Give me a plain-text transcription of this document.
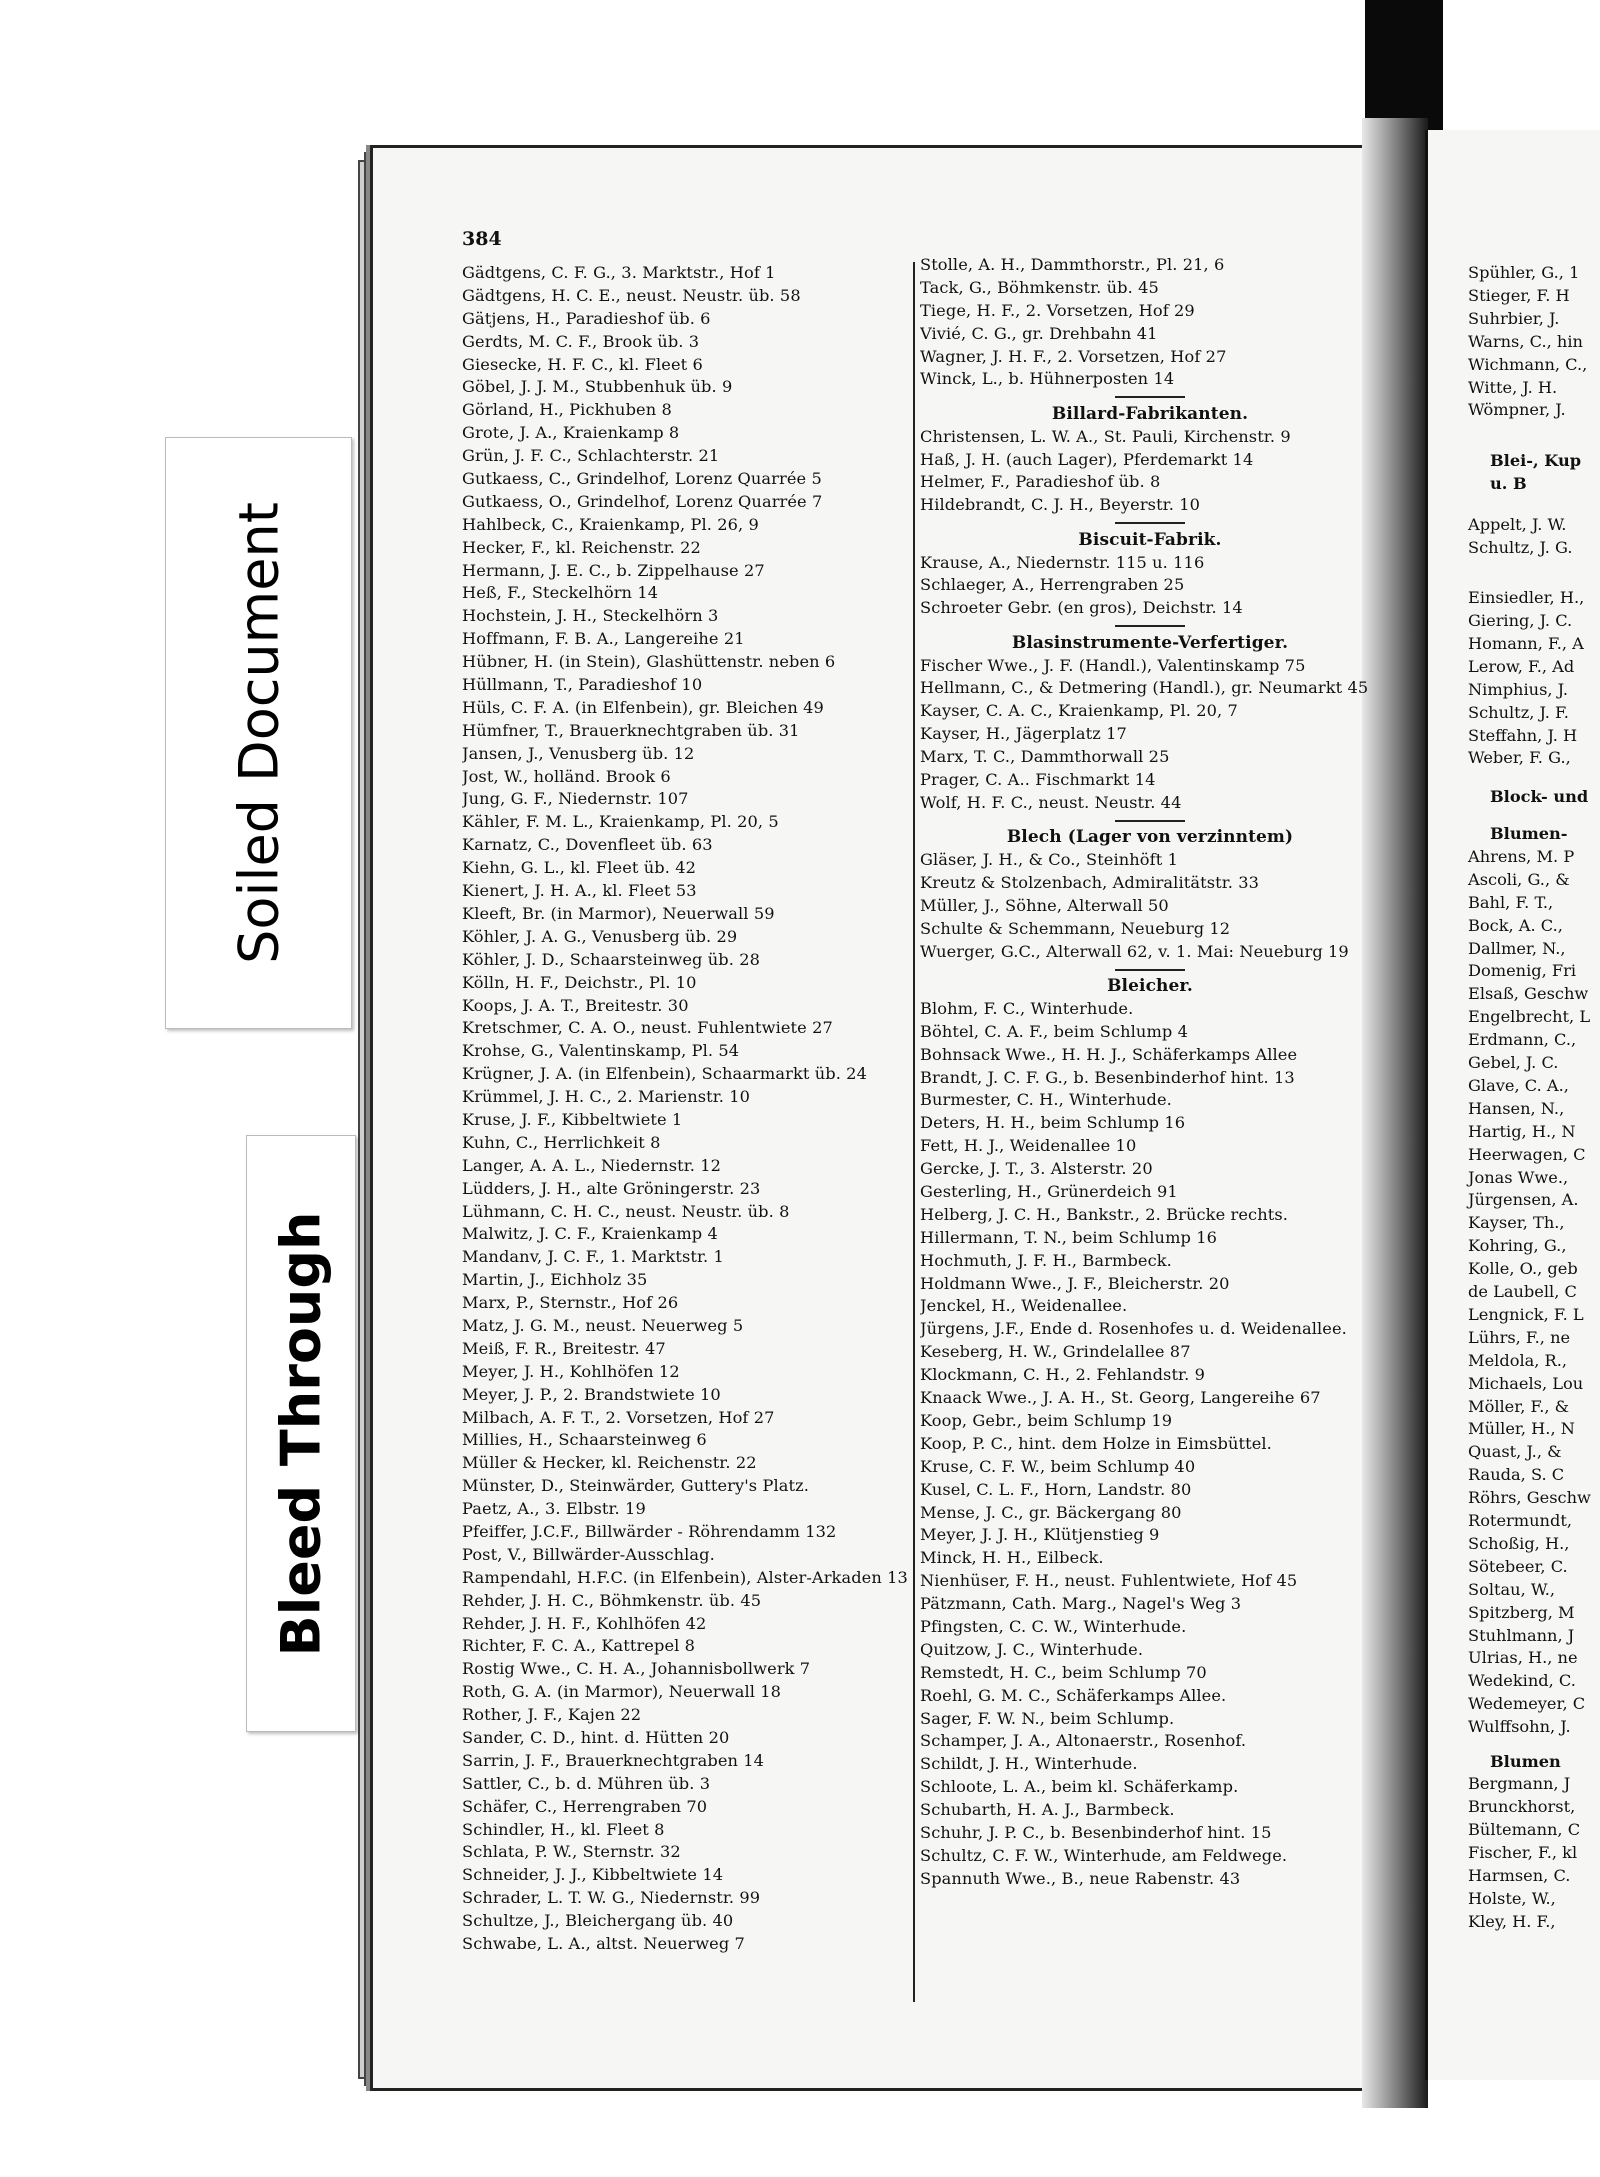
384
Gädtgens, C. F. G., 3. Marktstr., Hof 1
Gädtgens, H. C. E., neust. Neustr. üb. 58
Gätjens, H., Paradieshof üb. 6
Gerdts, M. C. F., Brook üb. 3
Giesecke, H. F. C., kl. Fleet 6
Göbel, J. J. M., Stubbenhuk üb. 9
Görland, H., Pickhuben 8
Grote, J. A., Kraienkamp 8
Grün, J. F. C., Schlachterstr. 21
Gutkaess, C., Grindelhof, Lorenz Quarrée 5
Gutkaess, O., Grindelhof, Lorenz Quarrée 7
Hahlbeck, C., Kraienkamp, Pl. 26, 9
Hecker, F., kl. Reichenstr. 22
Hermann, J. E. C., b. Zippelhause 27
Heß, F., Steckelhörn 14
Hochstein, J. H., Steckelhörn 3
Hoffmann, F. B. A., Langereihe 21
Hübner, H. (in Stein), Glashüttenstr. neben 6
Hüllmann, T., Paradieshof 10
Hüls, C. F. A. (in Elfenbein), gr. Bleichen 49
Hümfner, T., Brauerknechtgraben üb. 31
Jansen, J., Venusberg üb. 12
Jost, W., holländ. Brook 6
Jung, G. F., Niedernstr. 107
Kähler, F. M. L., Kraienkamp, Pl. 20, 5
Karnatz, C., Dovenfleet üb. 63
Kiehn, G. L., kl. Fleet üb. 42
Kienert, J. H. A., kl. Fleet 53
Kleeft, Br. (in Marmor), Neuerwall 59
Köhler, J. A. G., Venusberg üb. 29
Köhler, J. D., Schaarsteinweg üb. 28
Kölln, H. F., Deichstr., Pl. 10
Koops, J. A. T., Breitestr. 30
Kretschmer, C. A. O., neust. Fuhlentwiete 27
Krohse, G., Valentinskamp, Pl. 54
Krügner, J. A. (in Elfenbein), Schaarmarkt üb. 24
Krümmel, J. H. C., 2. Marienstr. 10
Kruse, J. F., Kibbeltwiete 1
Kuhn, C., Herrlichkeit 8
Langer, A. A. L., Niedernstr. 12
Lüdders, J. H., alte Gröningerstr. 23
Lühmann, C. H. C., neust. Neustr. üb. 8
Malwitz, J. C. F., Kraienkamp 4
Mandanv, J. C. F., 1. Marktstr. 1
Martin, J., Eichholz 35
Marx, P., Sternstr., Hof 26
Matz, J. G. M., neust. Neuerweg 5
Meiß, F. R., Breitestr. 47
Meyer, J. H., Kohlhöfen 12
Meyer, J. P., 2. Brandstwiete 10
Milbach, A. F. T., 2. Vorsetzen, Hof 27
Millies, H., Schaarsteinweg 6
Müller & Hecker, kl. Reichenstr. 22
Münster, D., Steinwärder, Guttery's Platz.
Paetz, A., 3. Elbstr. 19
Pfeiffer, J.C.F., Billwärder - Röhrendamm 132
Post, V., Billwärder-Ausschlag.
Rampendahl, H.F.C. (in Elfenbein), Alster-Arkaden 13
Rehder, J. H. C., Böhmkenstr. üb. 45
Rehder, J. H. F., Kohlhöfen 42
Richter, F. C. A., Kattrepel 8
Rostig Wwe., C. H. A., Johannisbollwerk 7
Roth, G. A. (in Marmor), Neuerwall 18
Rother, J. F., Kajen 22
Sander, C. D., hint. d. Hütten 20
Sarrin, J. F., Brauerknechtgraben 14
Sattler, C., b. d. Mühren üb. 3
Schäfer, C., Herrengraben 70
Schindler, H., kl. Fleet 8
Schlata, P. W., Sternstr. 32
Schneider, J. J., Kibbeltwiete 14
Schrader, L. T. W. G., Niedernstr. 99
Schultze, J., Bleichergang üb. 40
Schwabe, L. A., altst. Neuerweg 7
Stolle, A. H., Dammthorstr., Pl. 21, 6
Tack, G., Böhmkenstr. üb. 45
Tiege, H. F., 2. Vorsetzen, Hof 29
Vivié, C. G., gr. Drehbahn 41
Wagner, J. H. F., 2. Vorsetzen, Hof 27
Winck, L., b. Hühnerposten 14
Billard-Fabrikanten.
Christensen, L. W. A., St. Pauli, Kirchenstr. 9
Haß, J. H. (auch Lager), Pferdemarkt 14
Helmer, F., Paradieshof üb. 8
Hildebrandt, C. J. H., Beyerstr. 10
Biscuit-Fabrik.
Krause, A., Niedernstr. 115 u. 116
Schlaeger, A., Herrengraben 25
Schroeter Gebr. (en gros), Deichstr. 14
Blasinstrumente-Verfertiger.
Fischer Wwe., J. F. (Handl.), Valentinskamp 75
Hellmann, C., & Detmering (Handl.), gr. Neumarkt 45
Kayser, C. A. C., Kraienkamp, Pl. 20, 7
Kayser, H., Jägerplatz 17
Marx, T. C., Dammthorwall 25
Prager, C. A.. Fischmarkt 14
Wolf, H. F. C., neust. Neustr. 44
Blech (Lager von verzinntem)
Gläser, J. H., & Co., Steinhöft 1
Kreutz & Stolzenbach, Admiralitätstr. 33
Müller, J., Söhne, Alterwall 50
Schulte & Schemmann, Neueburg 12
Wuerger, G.C., Alterwall 62, v. 1. Mai: Neueburg 19
Bleicher.
Blohm, F. C., Winterhude.
Böhtel, C. A. F., beim Schlump 4
Bohnsack Wwe., H. H. J., Schäferkamps Allee
Brandt, J. C. F. G., b. Besenbinderhof hint. 13
Burmester, C. H., Winterhude.
Deters, H. H., beim Schlump 16
Fett, H. J., Weidenallee 10
Gercke, J. T., 3. Alsterstr. 20
Gesterling, H., Grünerdeich 91
Helberg, J. C. H., Bankstr., 2. Brücke rechts.
Hillermann, T. N., beim Schlump 16
Hochmuth, J. F. H., Barmbeck.
Holdmann Wwe., J. F., Bleicherstr. 20
Jenckel, H., Weidenallee.
Jürgens, J.F., Ende d. Rosenhofes u. d. Weidenallee.
Keseberg, H. W., Grindelallee 87
Klockmann, C. H., 2. Fehlandstr. 9
Knaack Wwe., J. A. H., St. Georg, Langereihe 67
Koop, Gebr., beim Schlump 19
Koop, P. C., hint. dem Holze in Eimsbüttel.
Kruse, C. F. W., beim Schlump 40
Kusel, C. L. F., Horn, Landstr. 80
Mense, J. C., gr. Bäckergang 80
Meyer, J. J. H., Klütjenstieg 9
Minck, H. H., Eilbeck.
Nienhüser, F. H., neust. Fuhlentwiete, Hof 45
Pätzmann, Cath. Marg., Nagel's Weg 3
Pfingsten, C. C. W., Winterhude.
Quitzow, J. C., Winterhude.
Remstedt, H. C., beim Schlump 70
Roehl, G. M. C., Schäferkamps Allee.
Sager, F. W. N., beim Schlump.
Schamper, J. A., Altonaerstr., Rosenhof.
Schildt, J. H., Winterhude.
Schloote, L. A., beim kl. Schäferkamp.
Schubarth, H. A. J., Barmbeck.
Schuhr, J. P. C., b. Besenbinderhof hint. 15
Schultz, C. F. W., Winterhude, am Feldwege.
Spannuth Wwe., B., neue Rabenstr. 43
Spühler, G., 1
Stieger, F. H
Suhrbier, J.
Warns, C., hin
Wichmann, C.,
Witte, J. H.
Wömpner, J.
Blei-, Kup
u. B
Appelt, J. W.
Schultz, J. G.
Einsiedler, H.,
Giering, J. C.
Homann, F., A
Lerow, F., Ad
Nimphius, J.
Schultz, J. F.
Steffahn, J. H
Weber, F. G.,
Block- und
Blumen-
Ahrens, M. P
Ascoli, G., &
Bahl, F. T.,
Bock, A. C.,
Dallmer, N.,
Domenig, Fri
Elsaß, Geschw
Engelbrecht, L
Erdmann, C.,
Gebel, J. C.
Glave, C. A.,
Hansen, N.,
Hartig, H., N
Heerwagen, C
Jonas Wwe.,
Jürgensen, A.
Kayser, Th.,
Kohring, G.,
Kolle, O., geb
de Laubell, C
Lengnick, F. L
Lührs, F., ne
Meldola, R.,
Michaels, Lou
Möller, F., &
Müller, H., N
Quast, J., &
Rauda, S. C
Röhrs, Geschw
Rotermundt,
Schoßig, H.,
Sötebeer, C.
Soltau, W.,
Spitzberg, M
Stuhlmann, J
Ulrias, H., ne
Wedekind, C.
Wedemeyer, C
Wulffsohn, J.
Blumen
Bergmann, J
Brunckhorst,
Bültemann, C
Fischer, F., kl
Harmsen, C.
Holste, W.,
Kley, H. F.,
Soiled Document
Bleed Through
